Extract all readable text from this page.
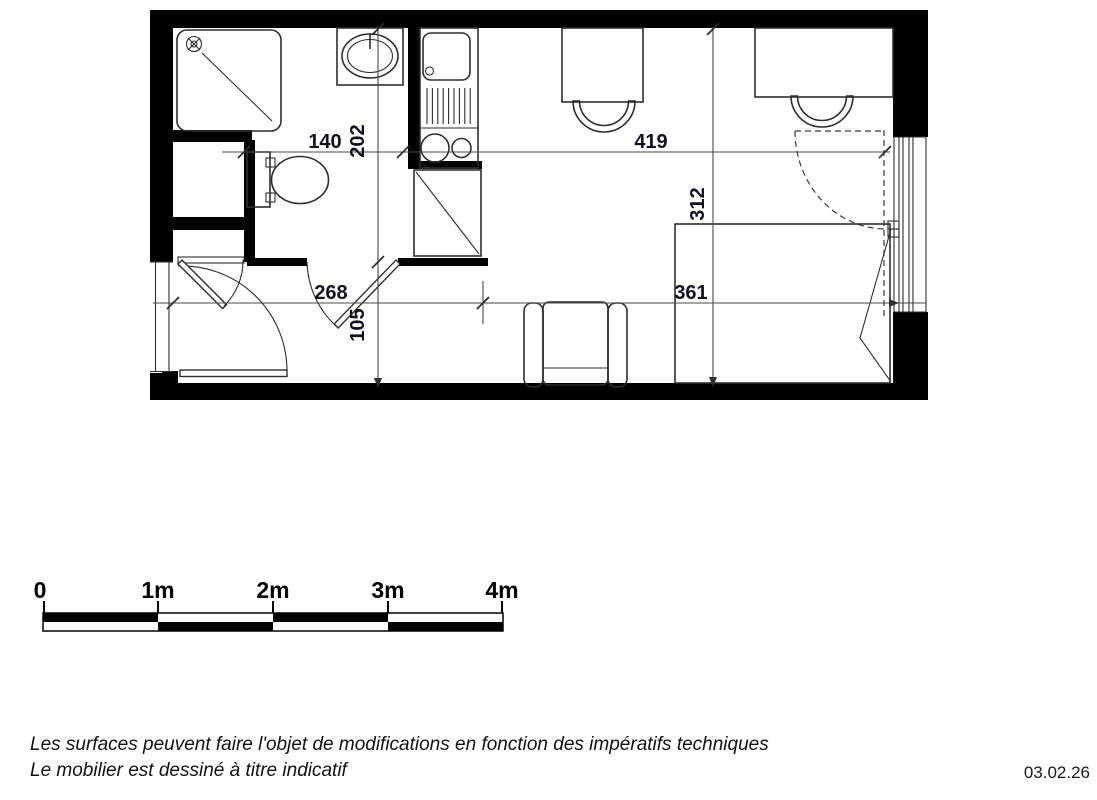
140	419
268	361
202
105
312
0	1m	2m	3m	4m
Les surfaces peuvent faire l'objet de modifications en fonction des impératifs techniques
Le mobilier est dessiné à titre indicatif	03.02.26
